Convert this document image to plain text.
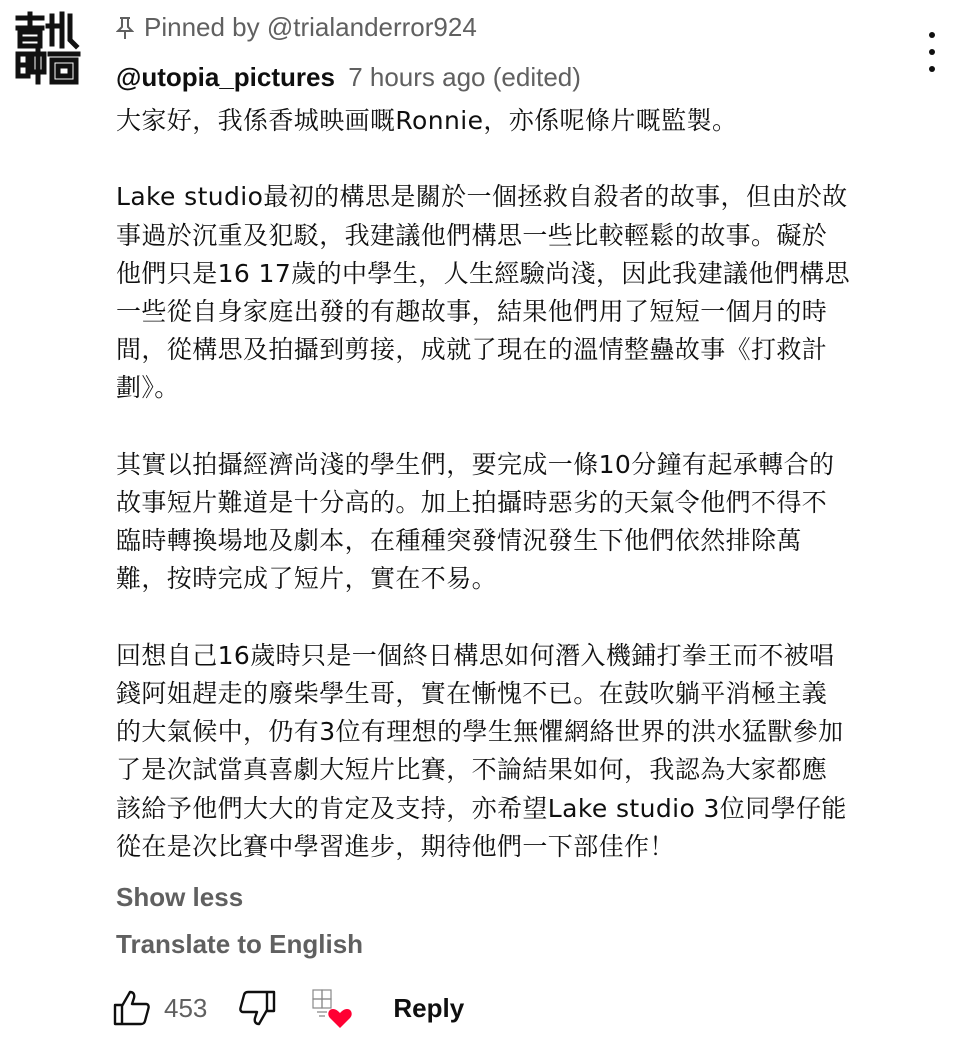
Pinned by @trialanderror924
@utopia_pictures 7 hours ago (edited)
大家好，我係香城映画嘅Ronnie，亦係呢條片嘅監製。
Lake studio最初的構思是關於一個拯救自殺者的故事，但由於故
事過於沉重及犯駁，我建議他們構思一些比較輕鬆的故事。礙於
他們只是16 17歲的中學生，人生經驗尚淺，因此我建議他們構思
一些從自身家庭出發的有趣故事，結果他們用了短短一個月的時
間，從構思及拍攝到剪接，成就了現在的溫情整蠱故事《打救計
劃》。
其實以拍攝經濟尚淺的學生們，要完成一條10分鐘有起承轉合的
故事短片難道是十分高的。加上拍攝時惡劣的天氣令他們不得不
臨時轉換場地及劇本，在種種突發情況發生下他們依然排除萬
難，按時完成了短片，實在不易。
回想自己16歲時只是一個終日構思如何潛入機鋪打拳王而不被唱
錢阿姐趕走的廢柴學生哥，實在慚愧不已。在鼓吹躺平消極主義
的大氣候中，仍有3位有理想的學生無懼網絡世界的洪水猛獸參加
了是次試當真喜劇大短片比賽，不論結果如何，我認為大家都應
該給予他們大大的肯定及支持，亦希望Lake studio 3位同學仔能
從在是次比賽中學習進步，期待他們一下部佳作！
Show less
Translate to English
453	Reply
